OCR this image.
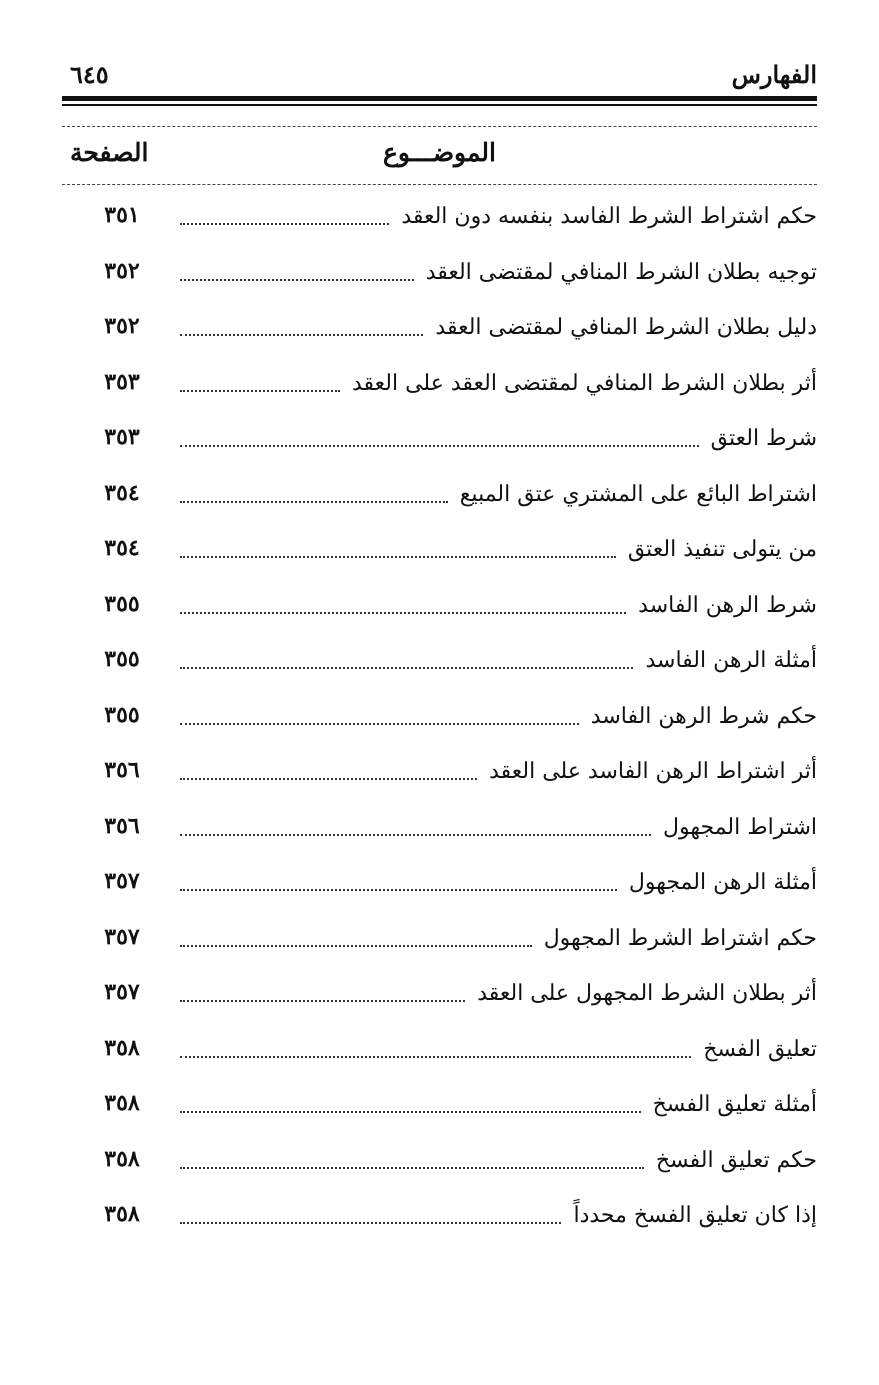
الفهارس
٦٤٥
الموضـــوع
الصفحة
حكم اشتراط الشرط الفاسد بنفسه دون العقد
٣٥١
توجيه بطلان الشرط المنافي لمقتضى العقد
٣٥٢
دليل بطلان الشرط المنافي لمقتضى العقد
٣٥٢
أثر بطلان الشرط المنافي لمقتضى العقد على العقد
٣٥٣
شرط العتق
٣٥٣
اشتراط البائع على المشتري عتق المبيع
٣٥٤
من يتولى تنفيذ العتق
٣٥٤
شرط الرهن الفاسد
٣٥٥
أمثلة الرهن الفاسد
٣٥٥
حكم شرط الرهن الفاسد
٣٥٥
أثر اشتراط الرهن الفاسد على العقد
٣٥٦
اشتراط المجهول
٣٥٦
أمثلة الرهن المجهول
٣٥٧
حكم اشتراط الشرط المجهول
٣٥٧
أثر بطلان الشرط المجهول على العقد
٣٥٧
تعليق الفسخ
٣٥٨
أمثلة تعليق الفسخ
٣٥٨
حكم تعليق الفسخ
٣٥٨
إذا كان تعليق الفسخ محدداً
٣٥٨
